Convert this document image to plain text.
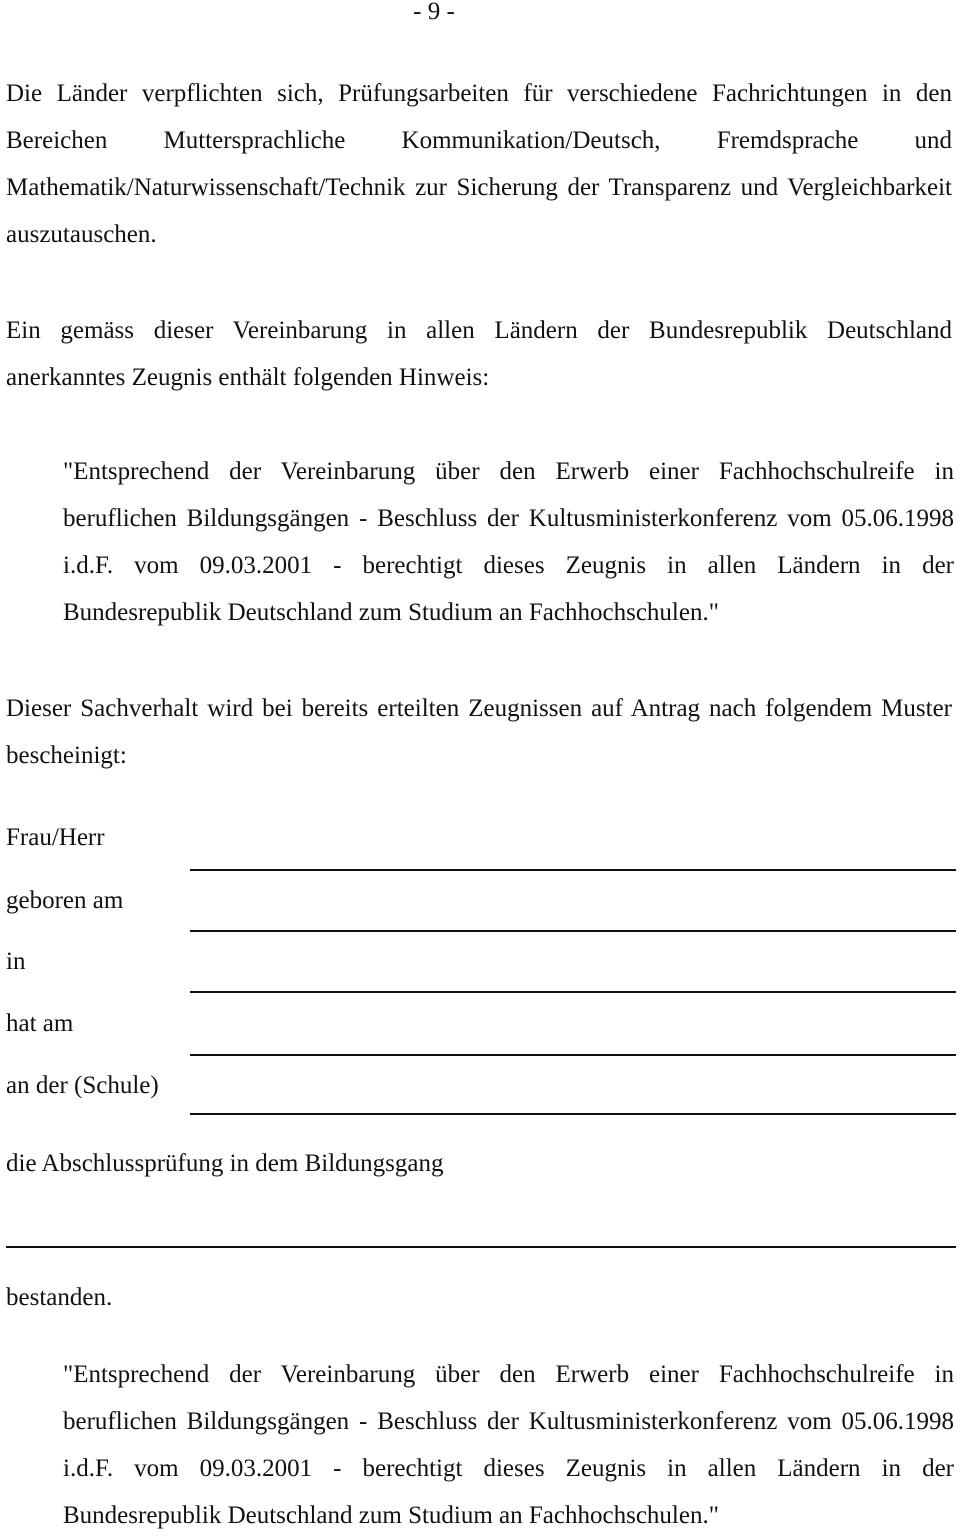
- 9 -

Die Länder verpflichten sich, Prüfungsarbeiten für verschiedene Fachrichtungen in den Bereichen Muttersprachliche Kommunikation/Deutsch, Fremdsprache und Mathematik/Naturwissenschaft/Technik zur Sicherung der Transparenz und Vergleichbarkeit auszutauschen.

Ein gemäss dieser Vereinbarung in allen Ländern der Bundesrepublik Deutschland anerkanntes Zeugnis enthält folgenden Hinweis:

"Entsprechend der Vereinbarung über den Erwerb einer Fachhochschulreife in beruflichen Bildungsgängen - Beschluss der Kultusministerkonferenz vom 05.06.1998 i.d.F. vom 09.03.2001 - berechtigt dieses Zeugnis in allen Ländern in der Bundesrepublik Deutschland zum Studium an Fachhochschulen."

Dieser Sachverhalt wird bei bereits erteilten Zeugnissen auf Antrag nach folgendem Muster bescheinigt:

Frau/Herr
geboren am
in
hat am
an der (Schule)
die Abschlussprüfung in dem Bildungsgang
bestanden.

"Entsprechend der Vereinbarung über den Erwerb einer Fachhochschulreife in beruflichen Bildungsgängen - Beschluss der Kultusministerkonferenz vom 05.06.1998 i.d.F. vom 09.03.2001 - berechtigt dieses Zeugnis in allen Ländern in der Bundesrepublik Deutschland zum Studium an Fachhochschulen."
